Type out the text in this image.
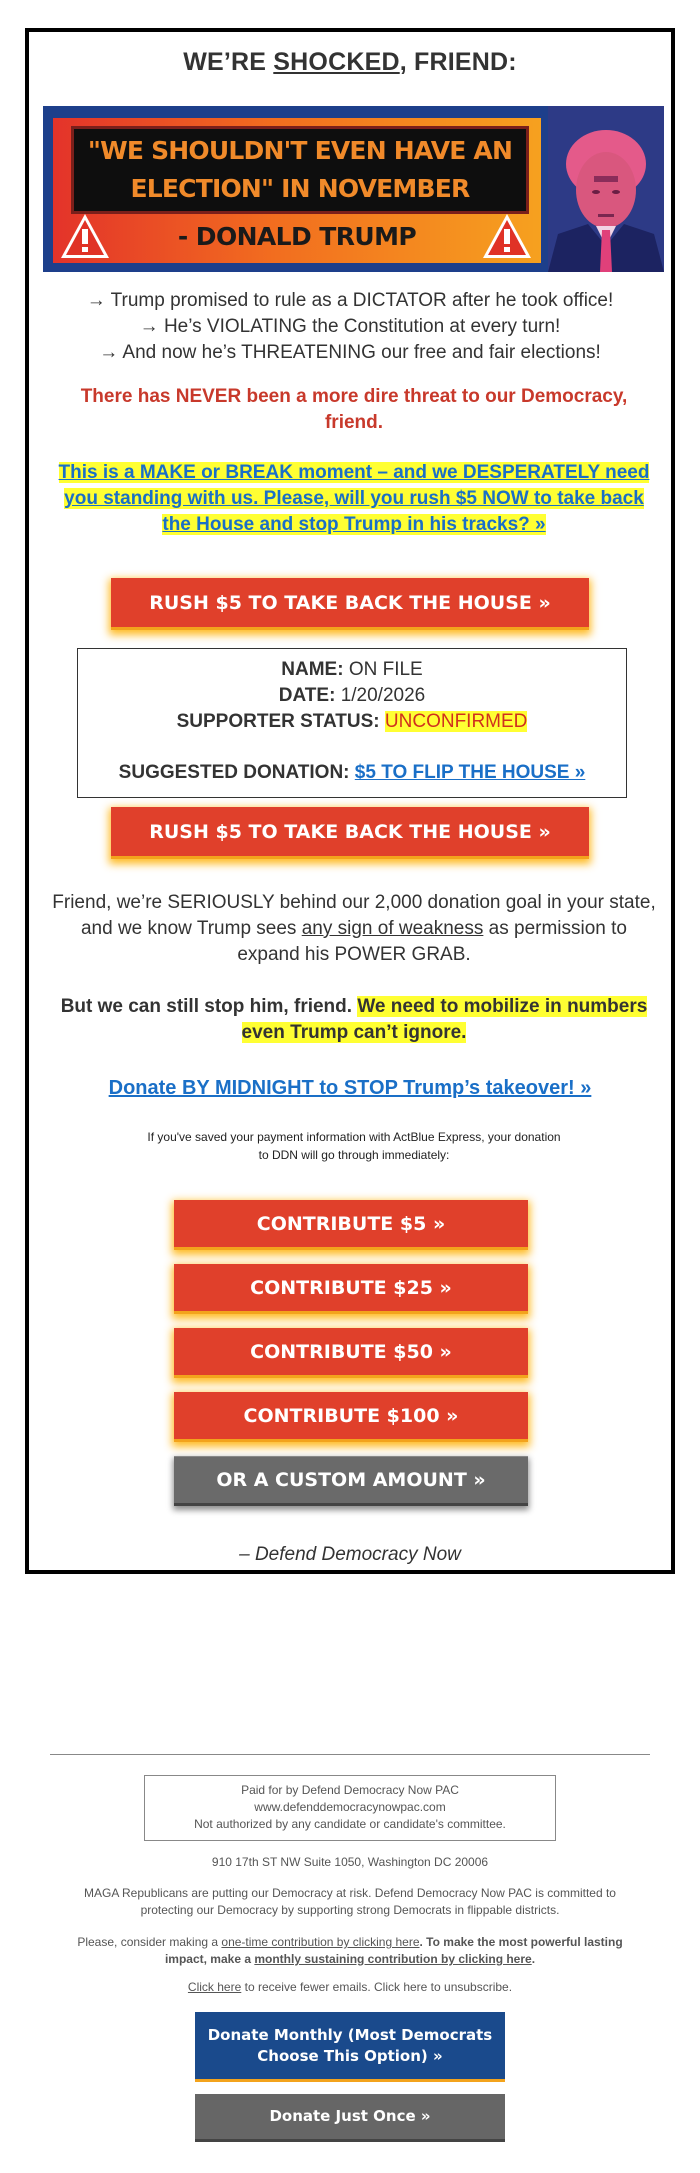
WE’RE SHOCKED, FRIEND:
"WE SHOULDN'T EVEN HAVE AN
ELECTION" IN NOVEMBER
- DONALD TRUMP
→ Trump promised to rule as a DICTATOR after he took office!
→ He’s VIOLATING the Constitution at every turn!
→ And now he’s THREATENING our free and fair elections!
There has NEVER been a more dire threat to our Democracy, friend.
This is a MAKE or BREAK moment – and we DESPERATELY need you standing with us. Please, will you rush $5 NOW to take back the House and stop Trump in his tracks? »
RUSH $5 TO TAKE BACK THE HOUSE »
NAME: ON FILE
DATE: 1/20/2026
SUPPORTER STATUS: UNCONFIRMED
SUGGESTED DONATION: $5 TO FLIP THE HOUSE »
RUSH $5 TO TAKE BACK THE HOUSE »
Friend, we’re SERIOUSLY behind our 2,000 donation goal in your state, and we know Trump sees any sign of weakness as permission to expand his POWER GRAB.
But we can still stop him, friend. We need to mobilize in numbers even Trump can’t ignore.
Donate BY MIDNIGHT to STOP Trump’s takeover! »
If you've saved your payment information with ActBlue Express, your donation
to DDN will go through immediately:
CONTRIBUTE $5 »
CONTRIBUTE $25 »
CONTRIBUTE $50 »
CONTRIBUTE $100 »
OR A CUSTOM AMOUNT »
– Defend Democracy Now
Paid for by Defend Democracy Now PAC
www.defenddemocracynowpac.com
Not authorized by any candidate or candidate's committee.
910 17th ST NW Suite 1050, Washington DC 20006
MAGA Republicans are putting our Democracy at risk. Defend Democracy Now PAC is committed to
protecting our Democracy by supporting strong Democrats in flippable districts.
Please, consider making a one-time contribution by clicking here. To make the most powerful lasting
impact, make a monthly sustaining contribution by clicking here.
Click here to receive fewer emails. Click here to unsubscribe.
Donate Monthly (Most Democrats Choose This Option) »
Donate Just Once »
